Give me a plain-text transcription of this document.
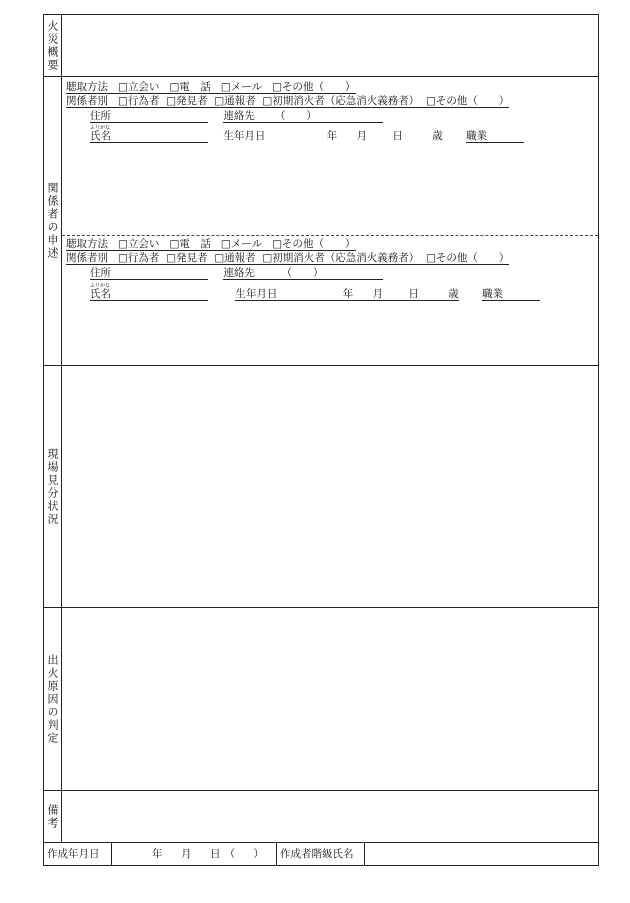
火災概要
関係者の申述
聴取方法 □立会い □電　話 □メール □その他（　　）
関係者別 □行為者 □発見者 □通報者 □初期消火者（応急消火義務者） □その他（　　）
住所	連絡先 （　　）
ふりがな
氏名	生年月日	年 月 日	歳 職業
聴取方法 □立会い □電　話 □メール □その他（　　）
関係者別 □行為者 □発見者 □通報者 □初期消火者（応急消火義務者） □その他（　　）
住所	連絡先	（　　）
ふりがな
氏名	生年月日	年 月 日	歳 職業
現場見分状況
出火原因の判定
備考
作成年月日	年　月　日（　） 作成者階級氏名
